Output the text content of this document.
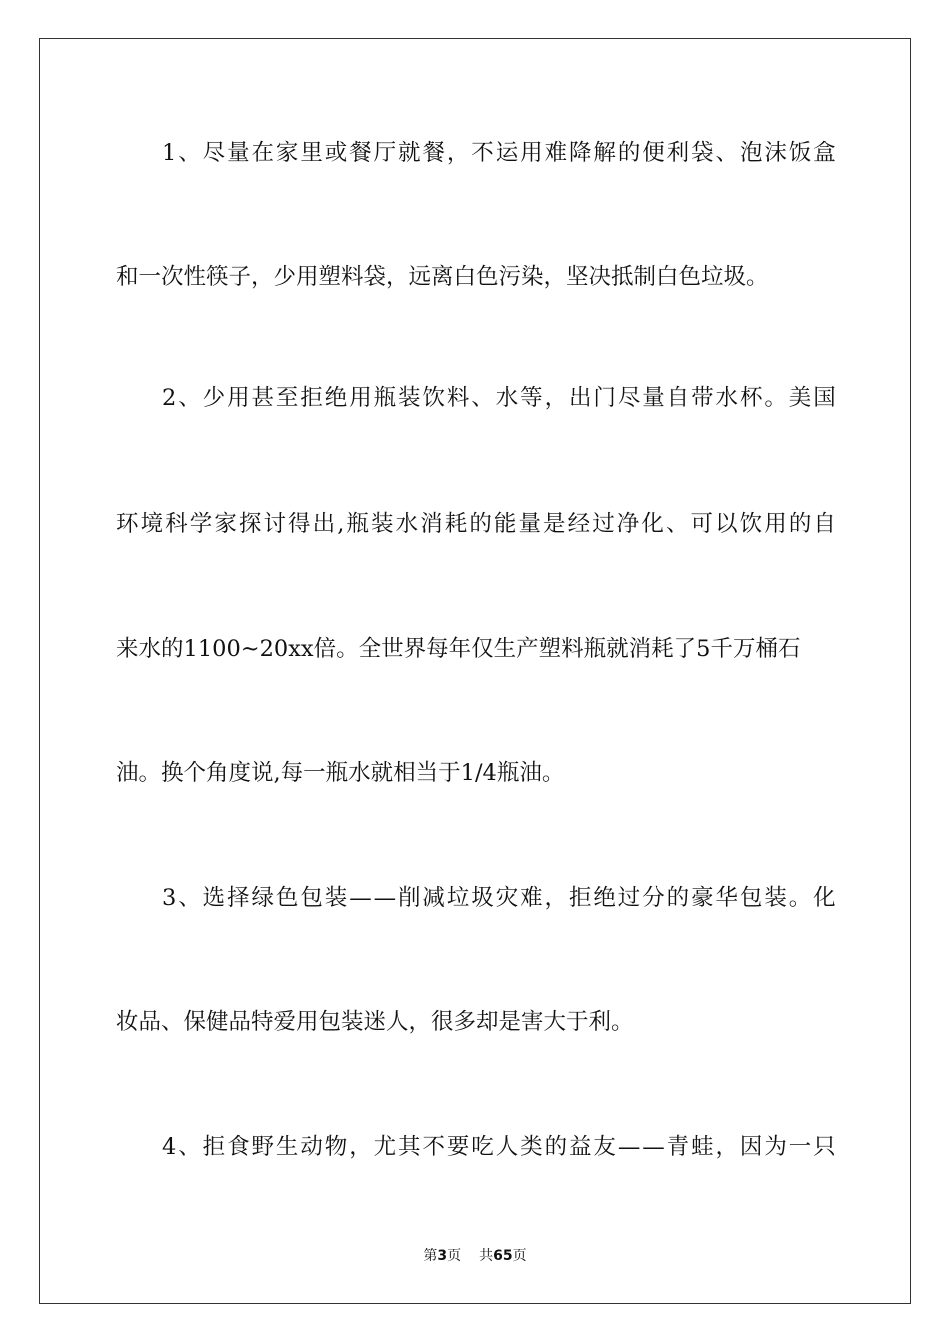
1 、 尽 量 在 家 里 或 餐 厅 就 餐 ， 不 运 用 难 降 解 的 便 利 袋 、 泡 沫 饭 盒
和一次性筷子，少用塑料袋，远离白色污染，坚决抵制白色垃圾。
2 、 少 用 甚 至 拒 绝 用 瓶 装 饮 料 、 水 等 ， 出 门 尽 量 自 带 水 杯 。 美 国
环 境 科 学 家 探 讨 得 出 , 瓶 装 水 消 耗 的 能 量 是 经 过 净 化 、 可 以 饮 用 的 自
来水的1100~20xx倍。全世界每年仅生产塑料瓶就消耗了5千万桶石
油。换个角度说,每一瓶水就相当于1/4瓶油。
3 、 选 择 绿 色 包 装 — — 削 减 垃 圾 灾 难 ， 拒 绝 过 分 的 豪 华 包 装 。 化
妆品、保健品特爱用包装迷人，很多却是害大于利。
4 、 拒 食 野 生 动 物 ， 尤 其 不 要 吃 人 类 的 益 友 — — 青 蛙 ， 因 为 一 只
第3页 共65页
